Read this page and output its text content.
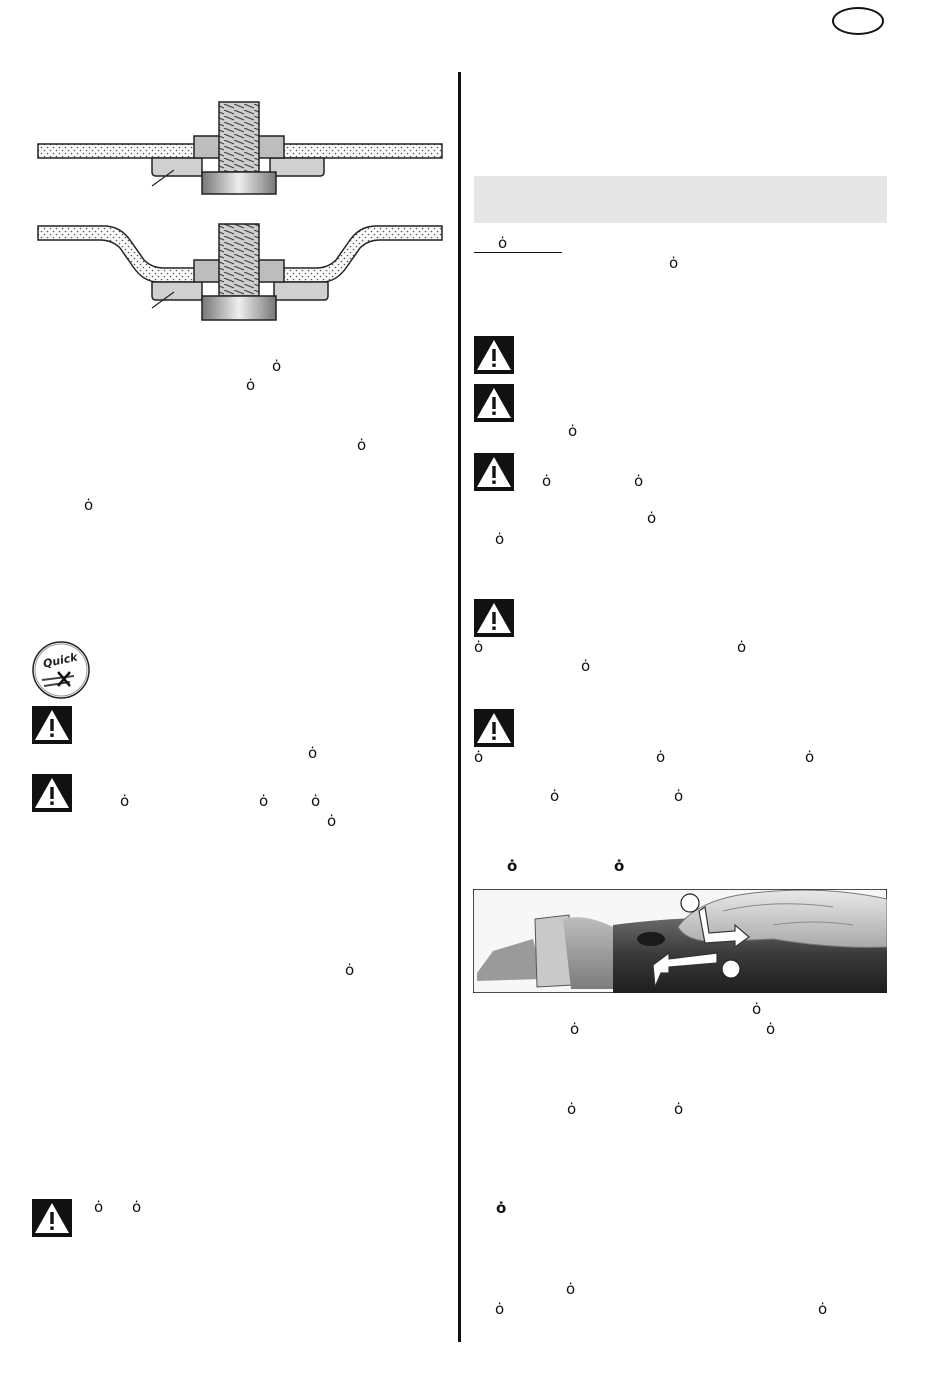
ȯ
ȯ
ȯ
ȯ
Quick
ȯ
ȯ	ȯ	ȯ
ȯ
ȯ
ȯ ȯ
ȯ
ȯ
ȯ
ȯ	ȯ
ȯ
ȯ
ȯ	ȯ
ȯ
ȯ	ȯ	ȯ
ȯ	ȯ
ȯ	ȯ
ȯ
ȯ	ȯ
ȯ	ȯ
ȯ
ȯ
ȯ	ȯ
